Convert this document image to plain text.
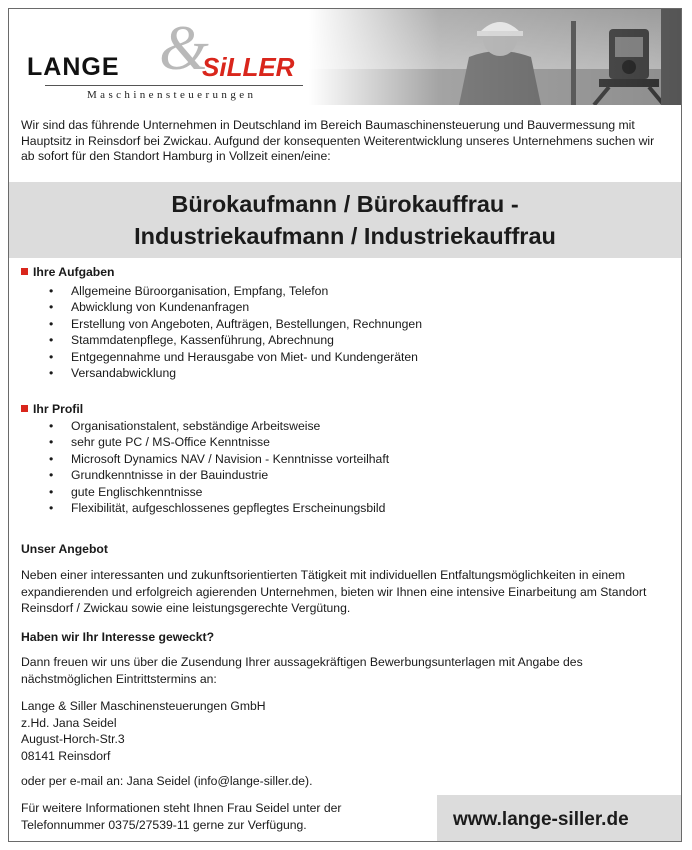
&
LANGE	SiLLER
Maschinensteuerungen
Wir sind das führende Unternehmen in Deutschland im Bereich Baumaschinensteuerung und Bauvermessung mit Hauptsitz in Reinsdorf bei Zwickau. Aufgund der konsequenten Weiterentwicklung unseres Unternehmens suchen wir ab sofort für den Standort Hamburg in Vollzeit einen/eine:
Bürokaufmann / Bürokauffrau -
Industriekaufmann / Industriekauffrau
Ihre Aufgaben
• Allgemeine Büroorganisation, Empfang, Telefon
• Abwicklung von Kundenanfragen
• Erstellung von Angeboten, Aufträgen, Bestellungen, Rechnungen
• Stammdatenpflege, Kassenführung, Abrechnung
• Entgegennahme und Herausgabe von Miet- und Kundengeräten
• Versandabwicklung
Ihr Profil
• Organisationstalent, sebständige Arbeitsweise
• sehr gute PC / MS-Office Kenntnisse
• Microsoft Dynamics NAV / Navision - Kenntnisse vorteilhaft
• Grundkenntnisse in der Bauindustrie
• gute Englischkenntnisse
• Flexibilität, aufgeschlossenes gepflegtes Erscheinungsbild
Unser Angebot
Neben einer interessanten und zukunftsorientierten Tätigkeit mit individuellen Entfaltungsmöglichkeiten in einem expandierenden und erfolgreich agierenden Unternehmen, bieten wir Ihnen eine intensive Einarbeitung am Standort Reinsdorf / Zwickau sowie eine leistungsgerechte Vergütung.
Haben wir Ihr Interesse geweckt?
Dann freuen wir uns über die Zusendung Ihrer aussagekräftigen Bewerbungsunterlagen mit Angabe des nächstmöglichen Eintrittstermins an:
Lange & Siller Maschinensteuerungen GmbH
z.Hd. Jana Seidel
August-Horch-Str.3
08141 Reinsdorf
oder per e-mail an: Jana Seidel (info@lange-siller.de).
Für weitere Informationen steht Ihnen Frau Seidel unter der
Telefonnummer 0375/27539-11 gerne zur Verfügung.	www.lange-siller.de
